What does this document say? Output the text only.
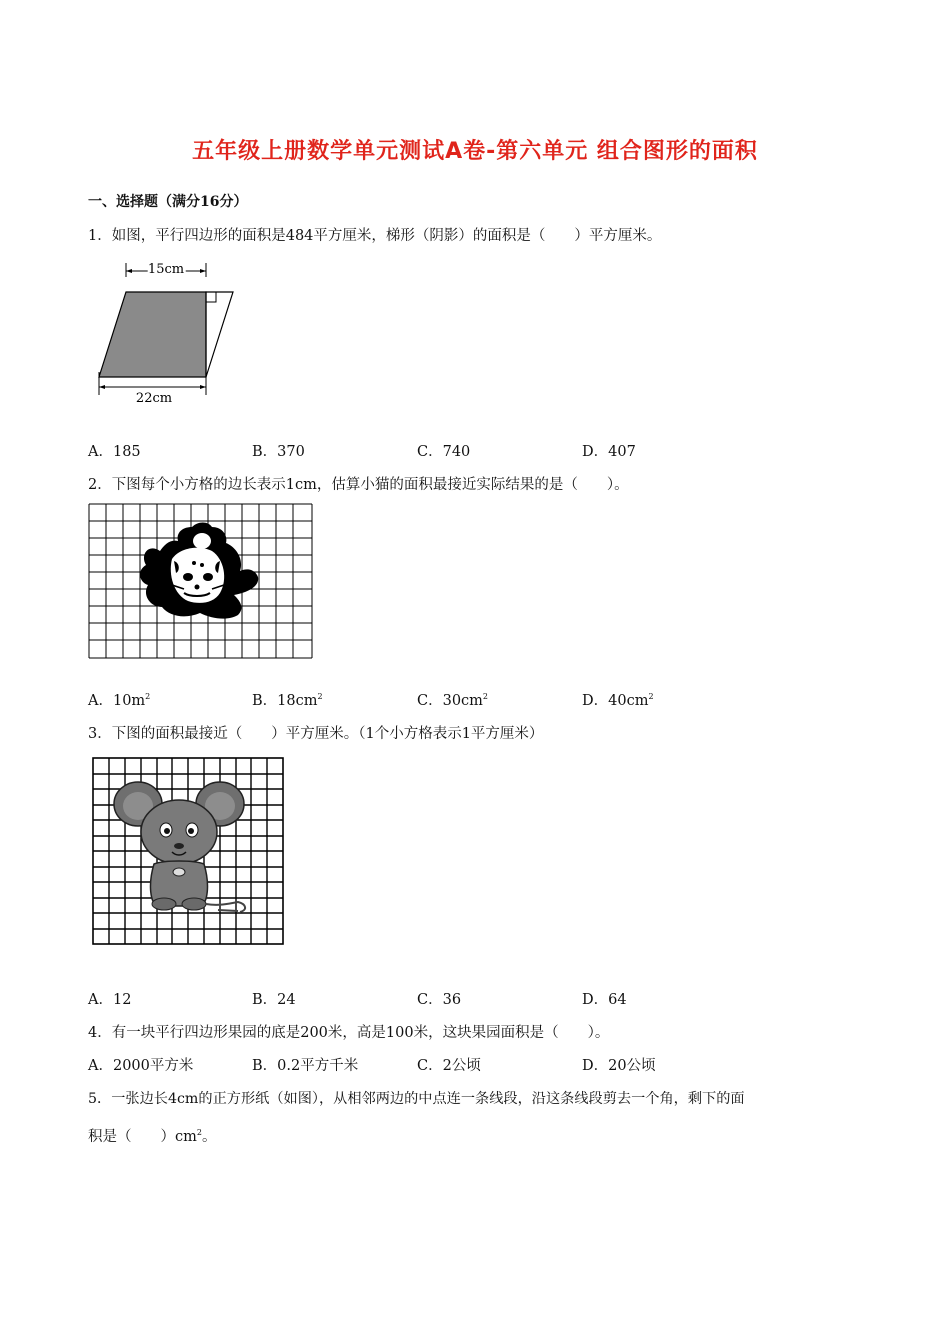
五年级上册数学单元测试A卷-第六单元 组合图形的面积
一、选择题（满分16分）
1．如图，平行四边形的面积是484平方厘米，梯形（阴影）的面积是（　　）平方厘米。
15cm
22cm
A．185	B．370	C．740	D．407
2．下图每个小方格的边长表示1cm，估算小猫的面积最接近实际结果的是（　　）。
A．$10m^2$	B．$18cm^2$	C．$30cm^2$	D．$40cm^2$
3．下图的面积最接近（　　）平方厘米。（1个小方格表示1平方厘米）
A．12	B．24	C．36	D．64
4．有一块平行四边形果园的底是200米，高是100米，这块果园面积是（　　）。
A．2000平方米	B．0.2平方千米	C．2公顷	D．20公顷
5．一张边长4cm的正方形纸（如图），从相邻两边的中点连一条线段，沿这条线段剪去一个角，剩下的面
积是（　　）$cm^2$。
